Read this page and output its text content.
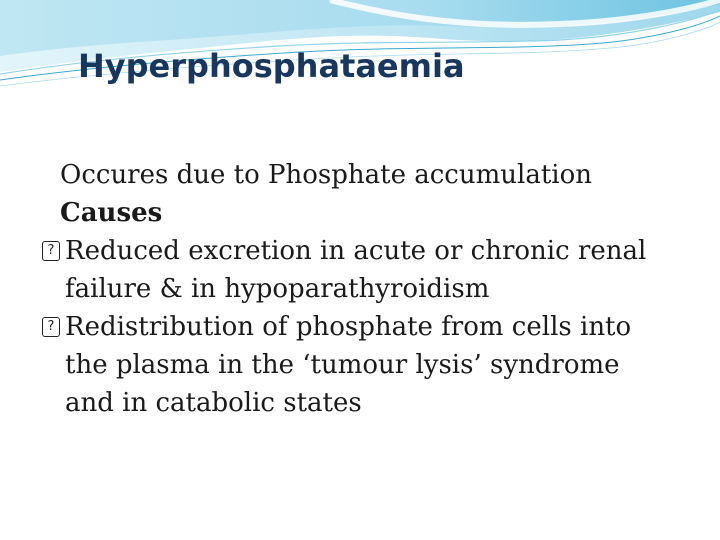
Hyperphosphataemia
Occures due to Phosphate accumulation
Causes
? Reduced excretion in acute or chronic renal
failure & in hypoparathyroidism
? Redistribution of phosphate from cells into
the plasma in the ‘tumour lysis’ syndrome
and in catabolic states
